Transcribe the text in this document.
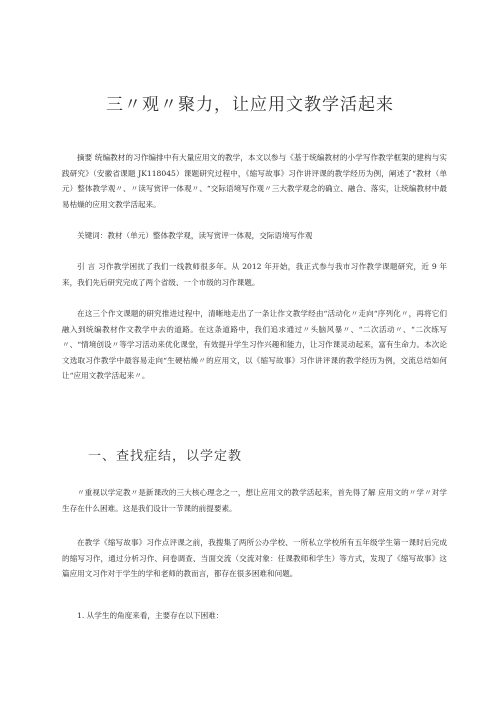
三〃观〃聚力，让应用文教学活起来

摘要 统编教材的习作编排中有大量应用文的教学，本文以参与《基于统编教材的小学写作教学框架的建构与实践研究》（安徽省课题 JK118045）课题研究过程中，《缩写故事》习作讲评课的教学经历为例，阐述了“教材（单元）整体教学观〃、〃读写赏评一体观〃、“交际语境写作观〃三大教学观念的确立、融合、落实，让统编教材中最易枯燥的应用文教学活起来。

关键词：教材（单元）整体教学观，读写赏评一体观，交际语境写作观

引 言 习作教学困扰了我们一线教师很多年。从 2012 年开始，我正式参与我市习作教学课题研究，近 9 年来，我们先后研究完成了两个省级、一个市级的习作课题。

在这三个作文课题的研究推进过程中，清晰地走出了一条让作文教学经由“活动化〃走向“序列化〃，再将它们融入到统编教材作文教学中去的道路。在这条道路中，我们追求通过〃头脑风暴〃、“二次活动〃、“二次练写〃、“情境创设〃等学习活动来优化课堂，有效提升学生习作兴趣和能力，让习作课灵动起来，富有生命力。本次论文选取习作教学中最容易走向“生硬枯燥〃的应用文，以《缩写故事》习作讲评课的教学经历为例，交流总结如何让“应用文教学活起来〃。

一、查找症结，以学定教

〃重视以学定教〃是新课改的三大核心理念之一，想让应用文的教学活起来，首先得了解 应用文的〃学〃对学生存在什么困难。这是我们设计一节课的前提要素。

在教学《缩写故事》习作点评课之前，我搜集了两所公办学校、一所私立学校所有五年级学生第一课时后完成的缩写习作，通过分析习作、问卷调查、当面交流（交流对象：任课教师和学生）等方式，发现了《缩写故事》这篇应用文习作对于学生的学和老师的教而言，都存在很多困难和问题。

1. 从学生的角度来看，主要存在以下困难：
